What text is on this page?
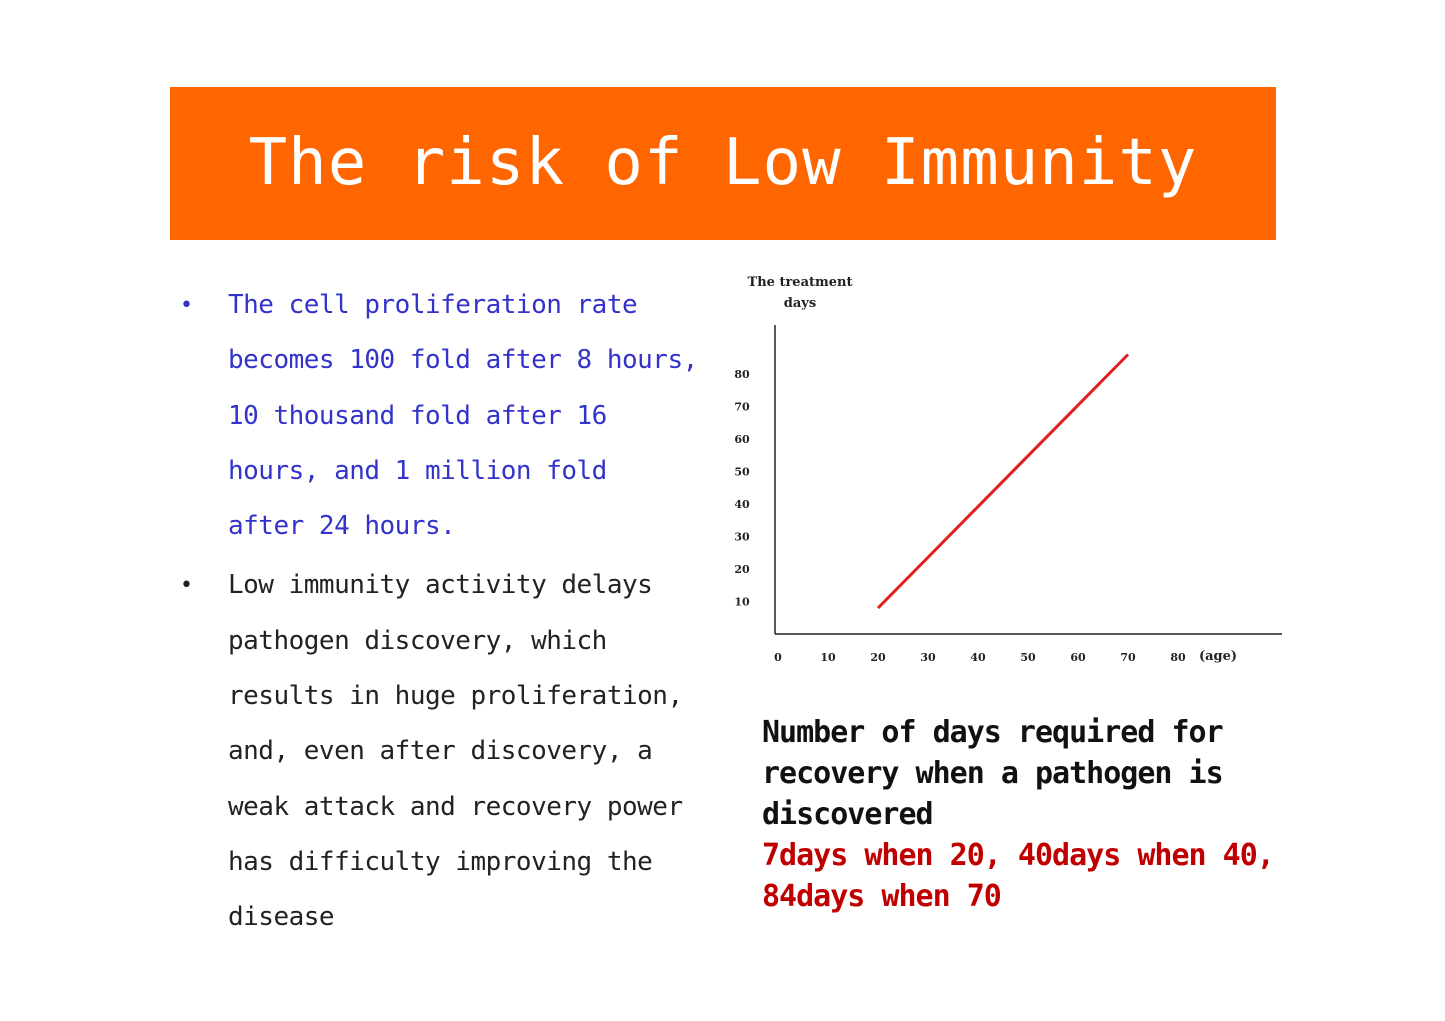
The risk of Low Immunity
• The cell proliferation rate
becomes 100 fold after 8 hours,
10 thousand fold after 16
hours, and 1 million fold
after 24 hours.
• Low immunity activity delays
pathogen discovery, which
results in huge proliferation,
and, even after discovery, a
weak attack and recovery power
has difficulty improving the
disease
The treatment
days
10
20
30
40
50
60
70
80
0	10	20	30	40	50	60	70	80 (age)
Number of days required for
recovery when a pathogen is
discovered
7days when 20, 40days when 40,
84days when 70
